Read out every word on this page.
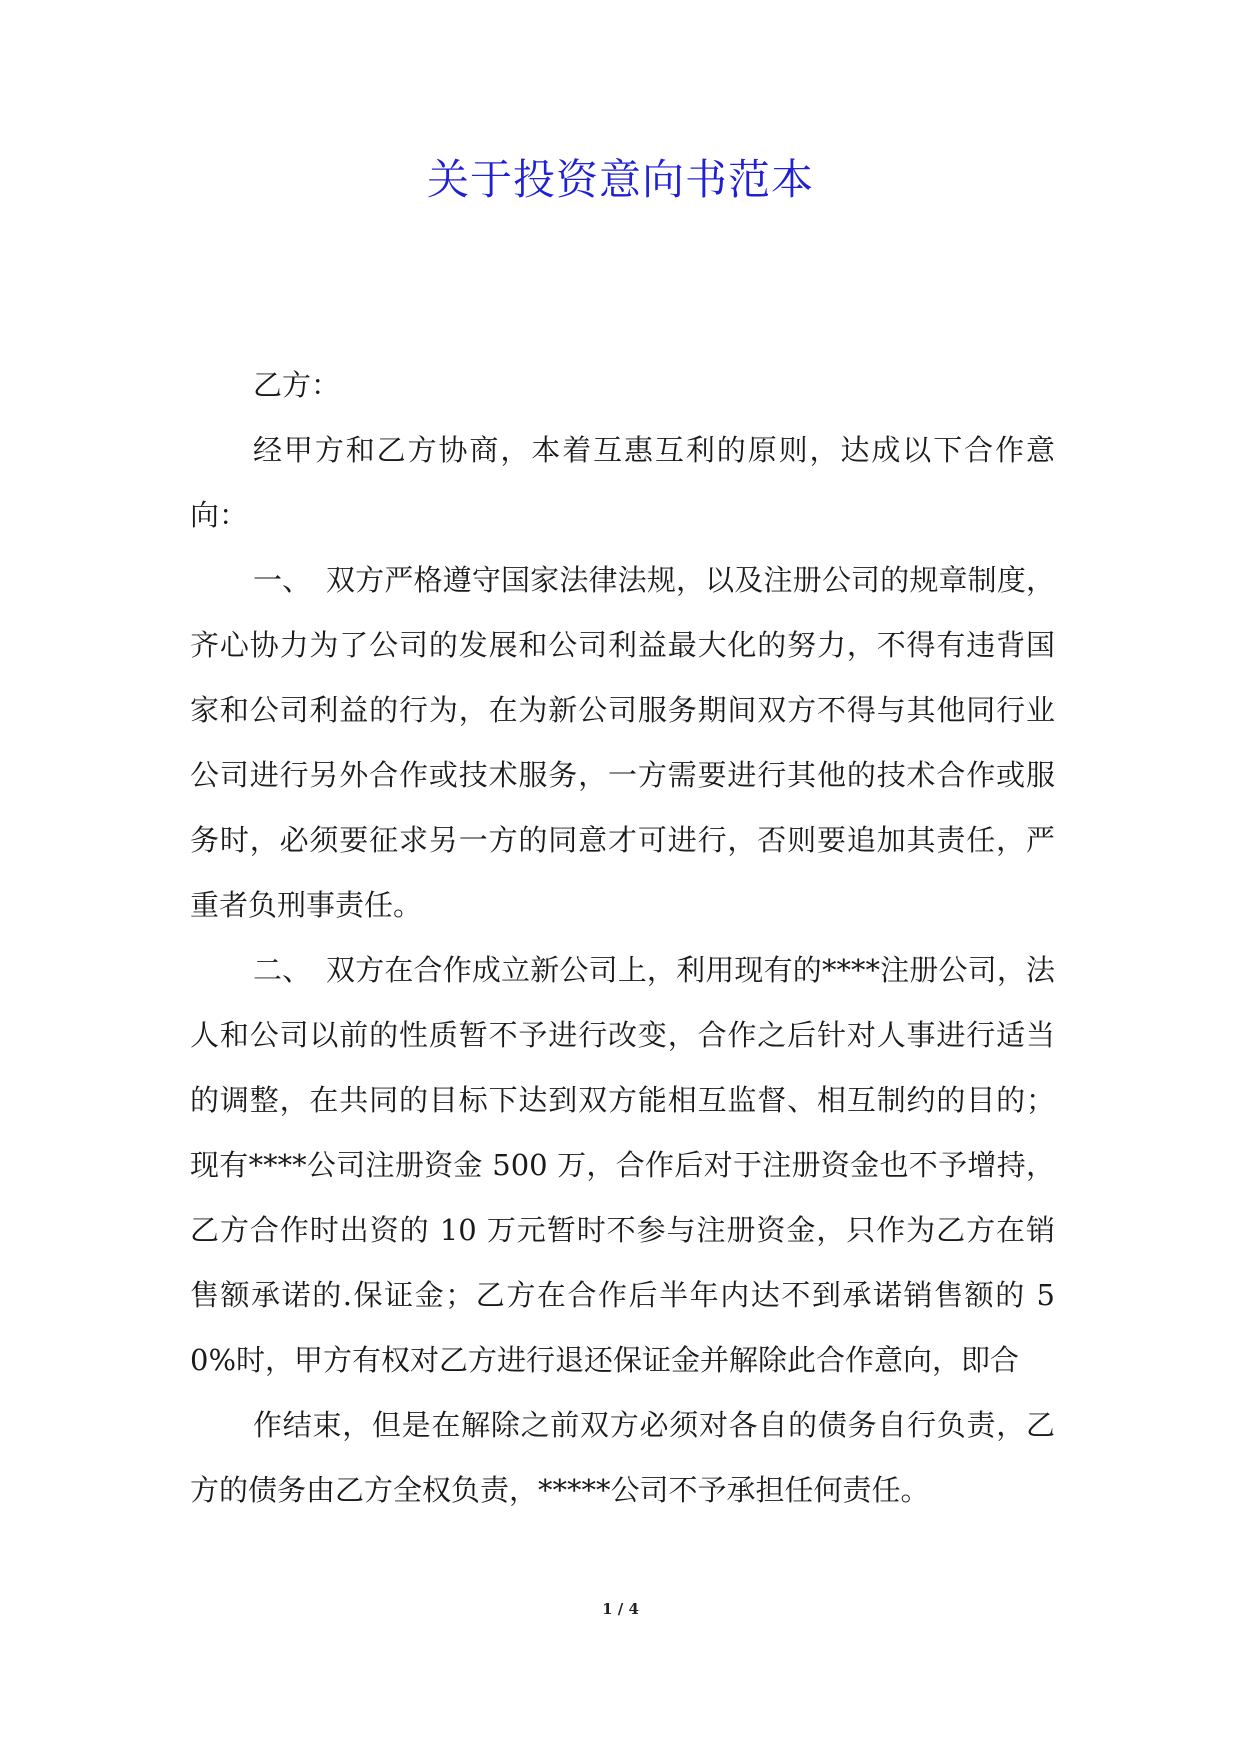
关于投资意向书范本

乙方：

经甲方和乙方协商，本着互惠互利的原则，达成以下合作意向：

一、　双方严格遵守国家法律法规，以及注册公司的规章制度，齐心协力为了公司的发展和公司利益最大化的努力，不得有违背国家和公司利益的行为，在为新公司服务期间双方不得与其他同行业公司进行另外合作或技术服务，一方需要进行其他的技术合作或服务时，必须要征求另一方的同意才可进行，否则要追加其责任，严重者负刑事责任。

二、　双方在合作成立新公司上，利用现有的****注册公司，法人和公司以前的性质暂不予进行改变，合作之后针对人事进行适当的调整，在共同的目标下达到双方能相互监督、相互制约的目的；现有****公司注册资金 500 万，合作后对于注册资金也不予增持，乙方合作时出资的 10 万元暂时不参与注册资金，只作为乙方在销售额承诺的.保证金；乙方在合作后半年内达不到承诺销售额的 50%时，甲方有权对乙方进行退还保证金并解除此合作意向，即合

作结束，但是在解除之前双方必须对各自的债务自行负责，乙方的债务由乙方全权负责，*****公司不予承担任何责任。

1 / 4
